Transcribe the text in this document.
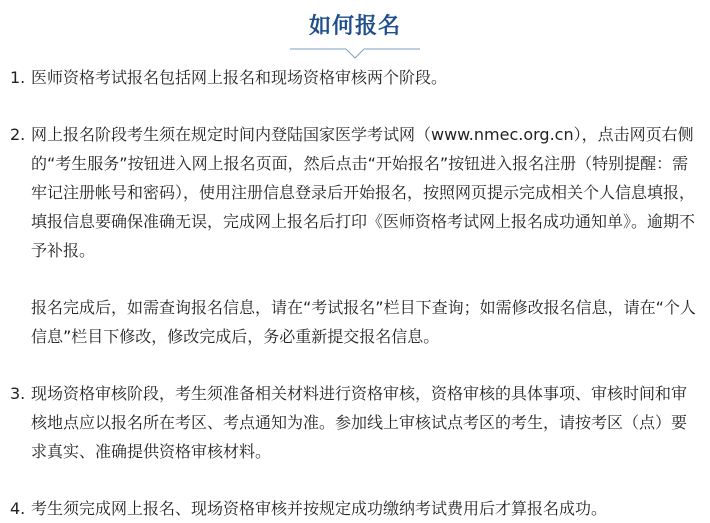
如何报名
1. 医师资格考试报名包括网上报名和现场资格审核两个阶段。

2. 网上报名阶段考生须在规定时间内登陆国家医学考试网（www.nmec.org.cn），点击网页右侧的“考生服务”按钮进入网上报名页面，然后点击“开始报名”按钮进入报名注册（特别提醒：需牢记注册帐号和密码），使用注册信息登录后开始报名，按照网页提示完成相关个人信息填报，填报信息要确保准确无误，完成网上报名后打印《医师资格考试网上报名成功通知单》。逾期不予补报。

报名完成后，如需查询报名信息，请在“考试报名”栏目下查询；如需修改报名信息，请在“个人信息”栏目下修改，修改完成后，务必重新提交报名信息。

3. 现场资格审核阶段，考生须准备相关材料进行资格审核，资格审核的具体事项、审核时间和审核地点应以报名所在考区、考点通知为准。参加线上审核试点考区的考生，请按考区（点）要求真实、准确提供资格审核材料。

4. 考生须完成网上报名、现场资格审核并按规定成功缴纳考试费用后才算报名成功。
